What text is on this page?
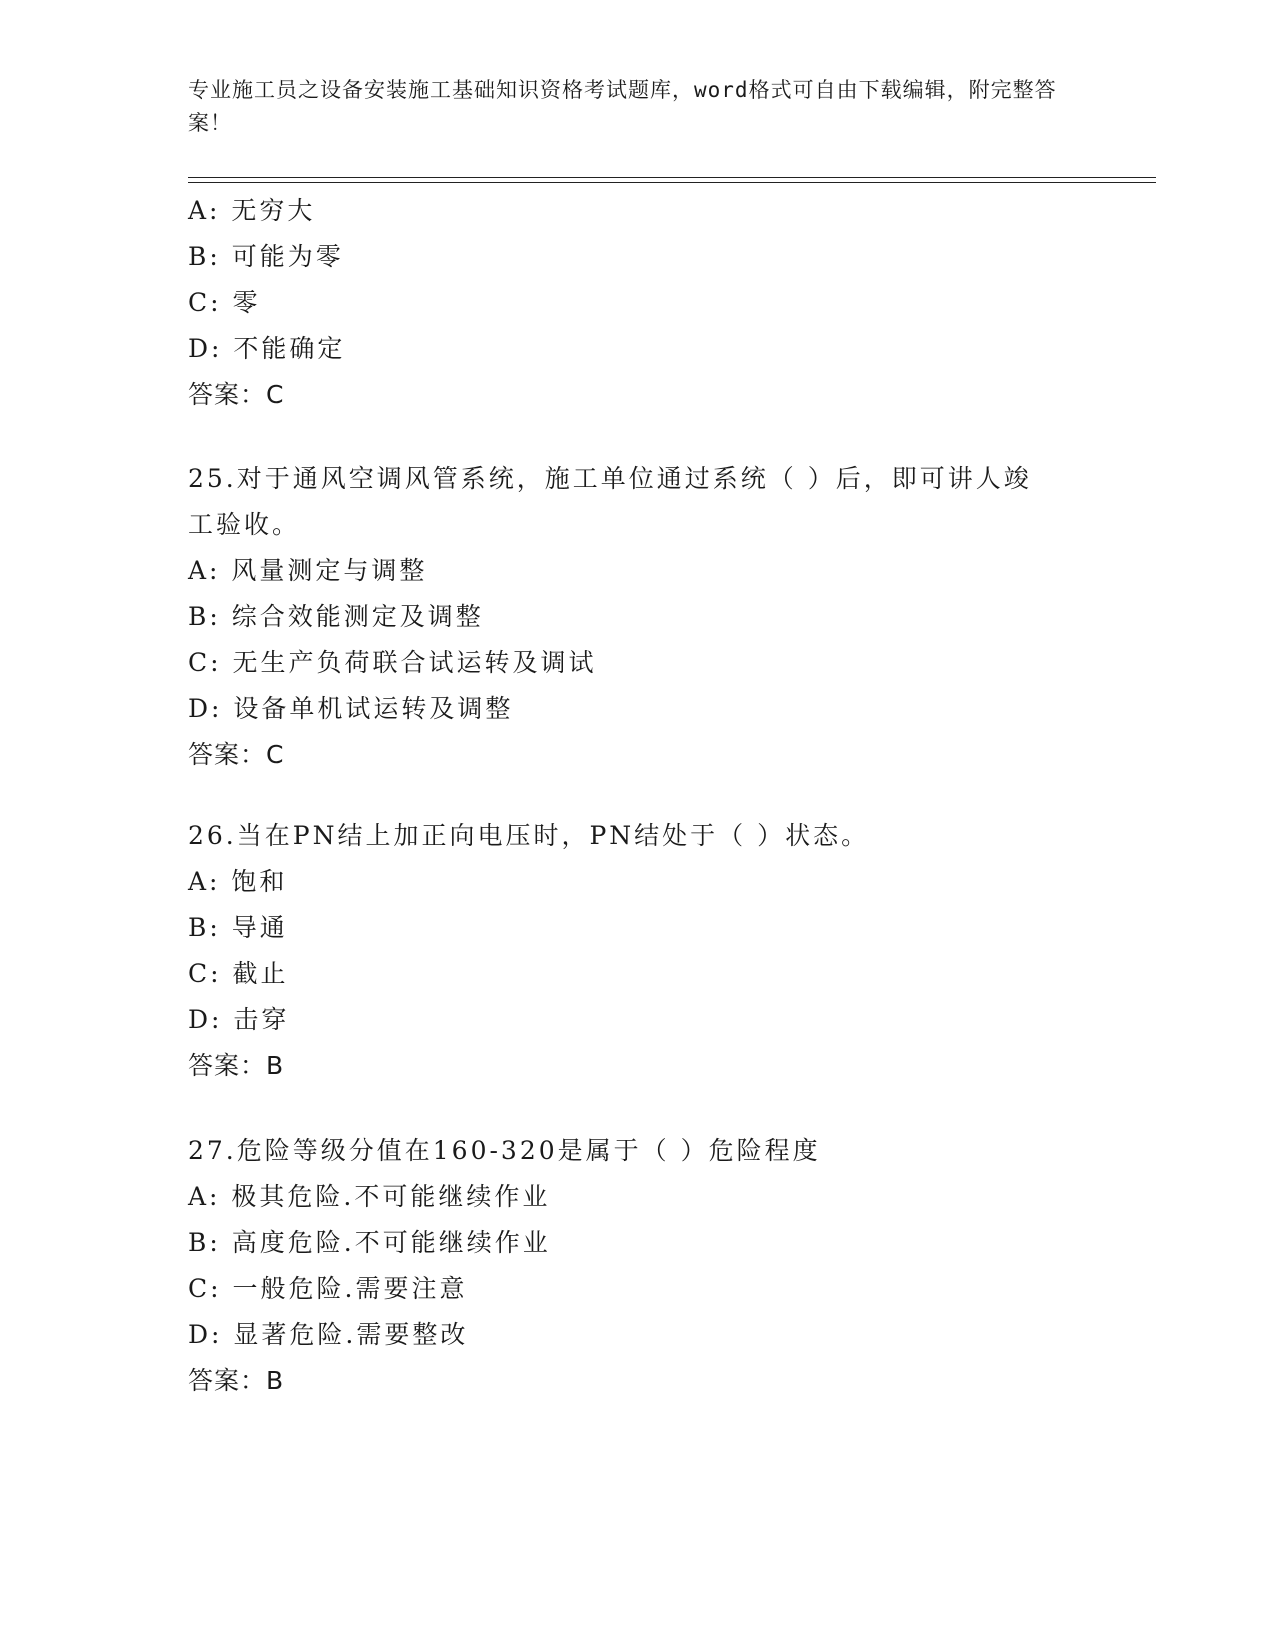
专业施工员之设备安装施工基础知识资格考试题库，word格式可自由下载编辑，附完整答案！
A: 无穷大
B: 可能为零
C: 零
D: 不能确定
答案：C
25.对于通风空调风管系统，施工单位通过系统（ ）后，即可讲人竣
工验收。
A: 风量测定与调整
B: 综合效能测定及调整
C: 无生产负荷联合试运转及调试
D: 设备单机试运转及调整
答案：C
26.当在PN结上加正向电压时，PN结处于（ ）状态。
A: 饱和
B: 导通
C: 截止
D: 击穿
答案：B
27.危险等级分值在160-320是属于（ ）危险程度
A: 极其危险.不可能继续作业
B: 高度危险.不可能继续作业
C: 一般危险.需要注意
D: 显著危险.需要整改
答案：B
